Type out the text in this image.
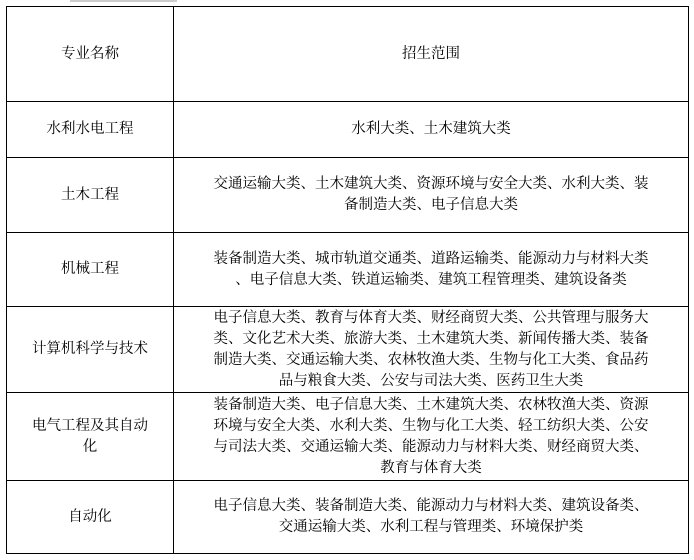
专业名称	招生范围

水利水电工程	水利大类、土木建筑大类

土木工程	交通运输大类、土木建筑大类、资源环境与安全大类、水利大类、装
备制造大类、电子信息大类

机械工程	装备制造大类、城市轨道交通类、道路运输类、能源动力与材料大类
、电子信息大类、铁道运输类、建筑工程管理类、建筑设备类

计算机科学与技术	电子信息大类、教育与体育大类、财经商贸大类、公共管理与服务大
类、文化艺术大类、旅游大类、土木建筑大类、新闻传播大类、装备
制造大类、交通运输大类、农林牧渔大类、生物与化工大类、食品药
品与粮食大类、公安与司法大类、医药卫生大类

电气工程及其自动
化	装备制造大类、电子信息大类、土木建筑大类、农林牧渔大类、资源
环境与安全大类、水利大类、生物与化工大类、轻工纺织大类、公安
与司法大类、交通运输大类、能源动力与材料大类、财经商贸大类、
教育与体育大类

自动化	电子信息大类、装备制造大类、能源动力与材料大类、建筑设备类、
交通运输大类、水利工程与管理类、环境保护类
